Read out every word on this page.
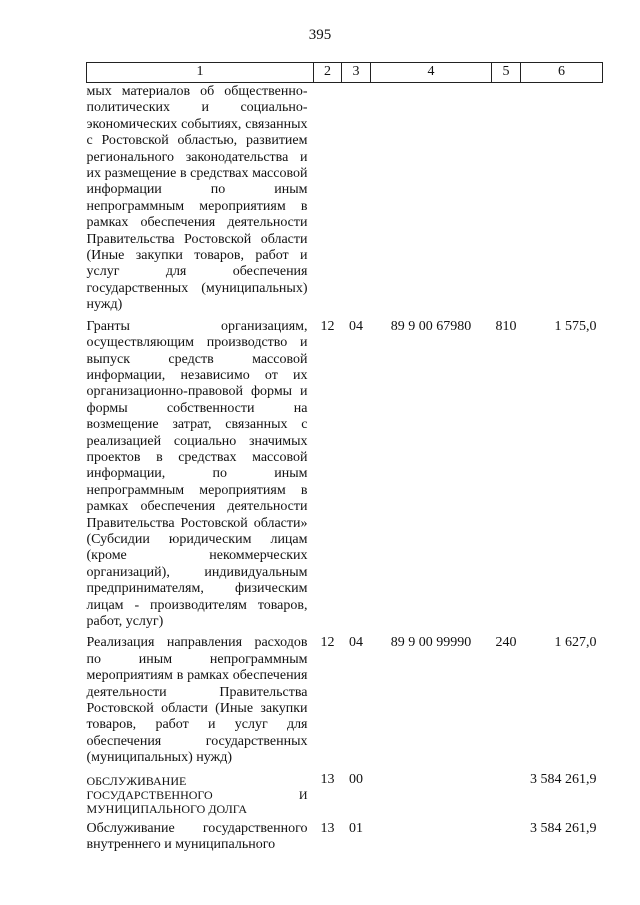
395
1	2	3	4	5	6
мых материалов об общественно-политических и социально-экономических событиях, связанных с Ростовской областью, развитием регионального законодательства и их размещение в средствах массовой информации по иным непрограммным мероприятиям в рамках обеспечения деятельности Правительства Ростовской области (Иные закупки товаров, работ и услуг для обеспечения государственных (муниципальных) нужд)					
Гранты организациям, осуществляющим производство и выпуск средств массовой информации, независимо от их организационно-правовой формы и формы собственности на возмещение затрат, связанных с реализацией социально значимых проектов в средствах массовой информации, по иным непрограммным мероприятиям в рамках обеспечения деятельности Правительства Ростовской области» (Субсидии юридическим лицам (кроме некоммерческих организаций), индивидуальным предпринимателям, физическим лицам - производителям товаров, работ, услуг)	12	04	89 9 00 67980	810	1 575,0
Реализация направления расходов по иным непрограммным мероприятиям в рамках обеспечения деятельности Правительства Ростовской области (Иные закупки товаров, работ и услуг для обеспечения государственных (муниципальных) нужд)	12	04	89 9 00 99990	240	1 627,0
ОБСЛУЖИВАНИЕ ГОСУДАРСТВЕННОГО И МУНИЦИПАЛЬНОГО ДОЛГА	13	00			3 584 261,9
Обслуживание государственного внутреннего и муниципального	13	01			3 584 261,9
